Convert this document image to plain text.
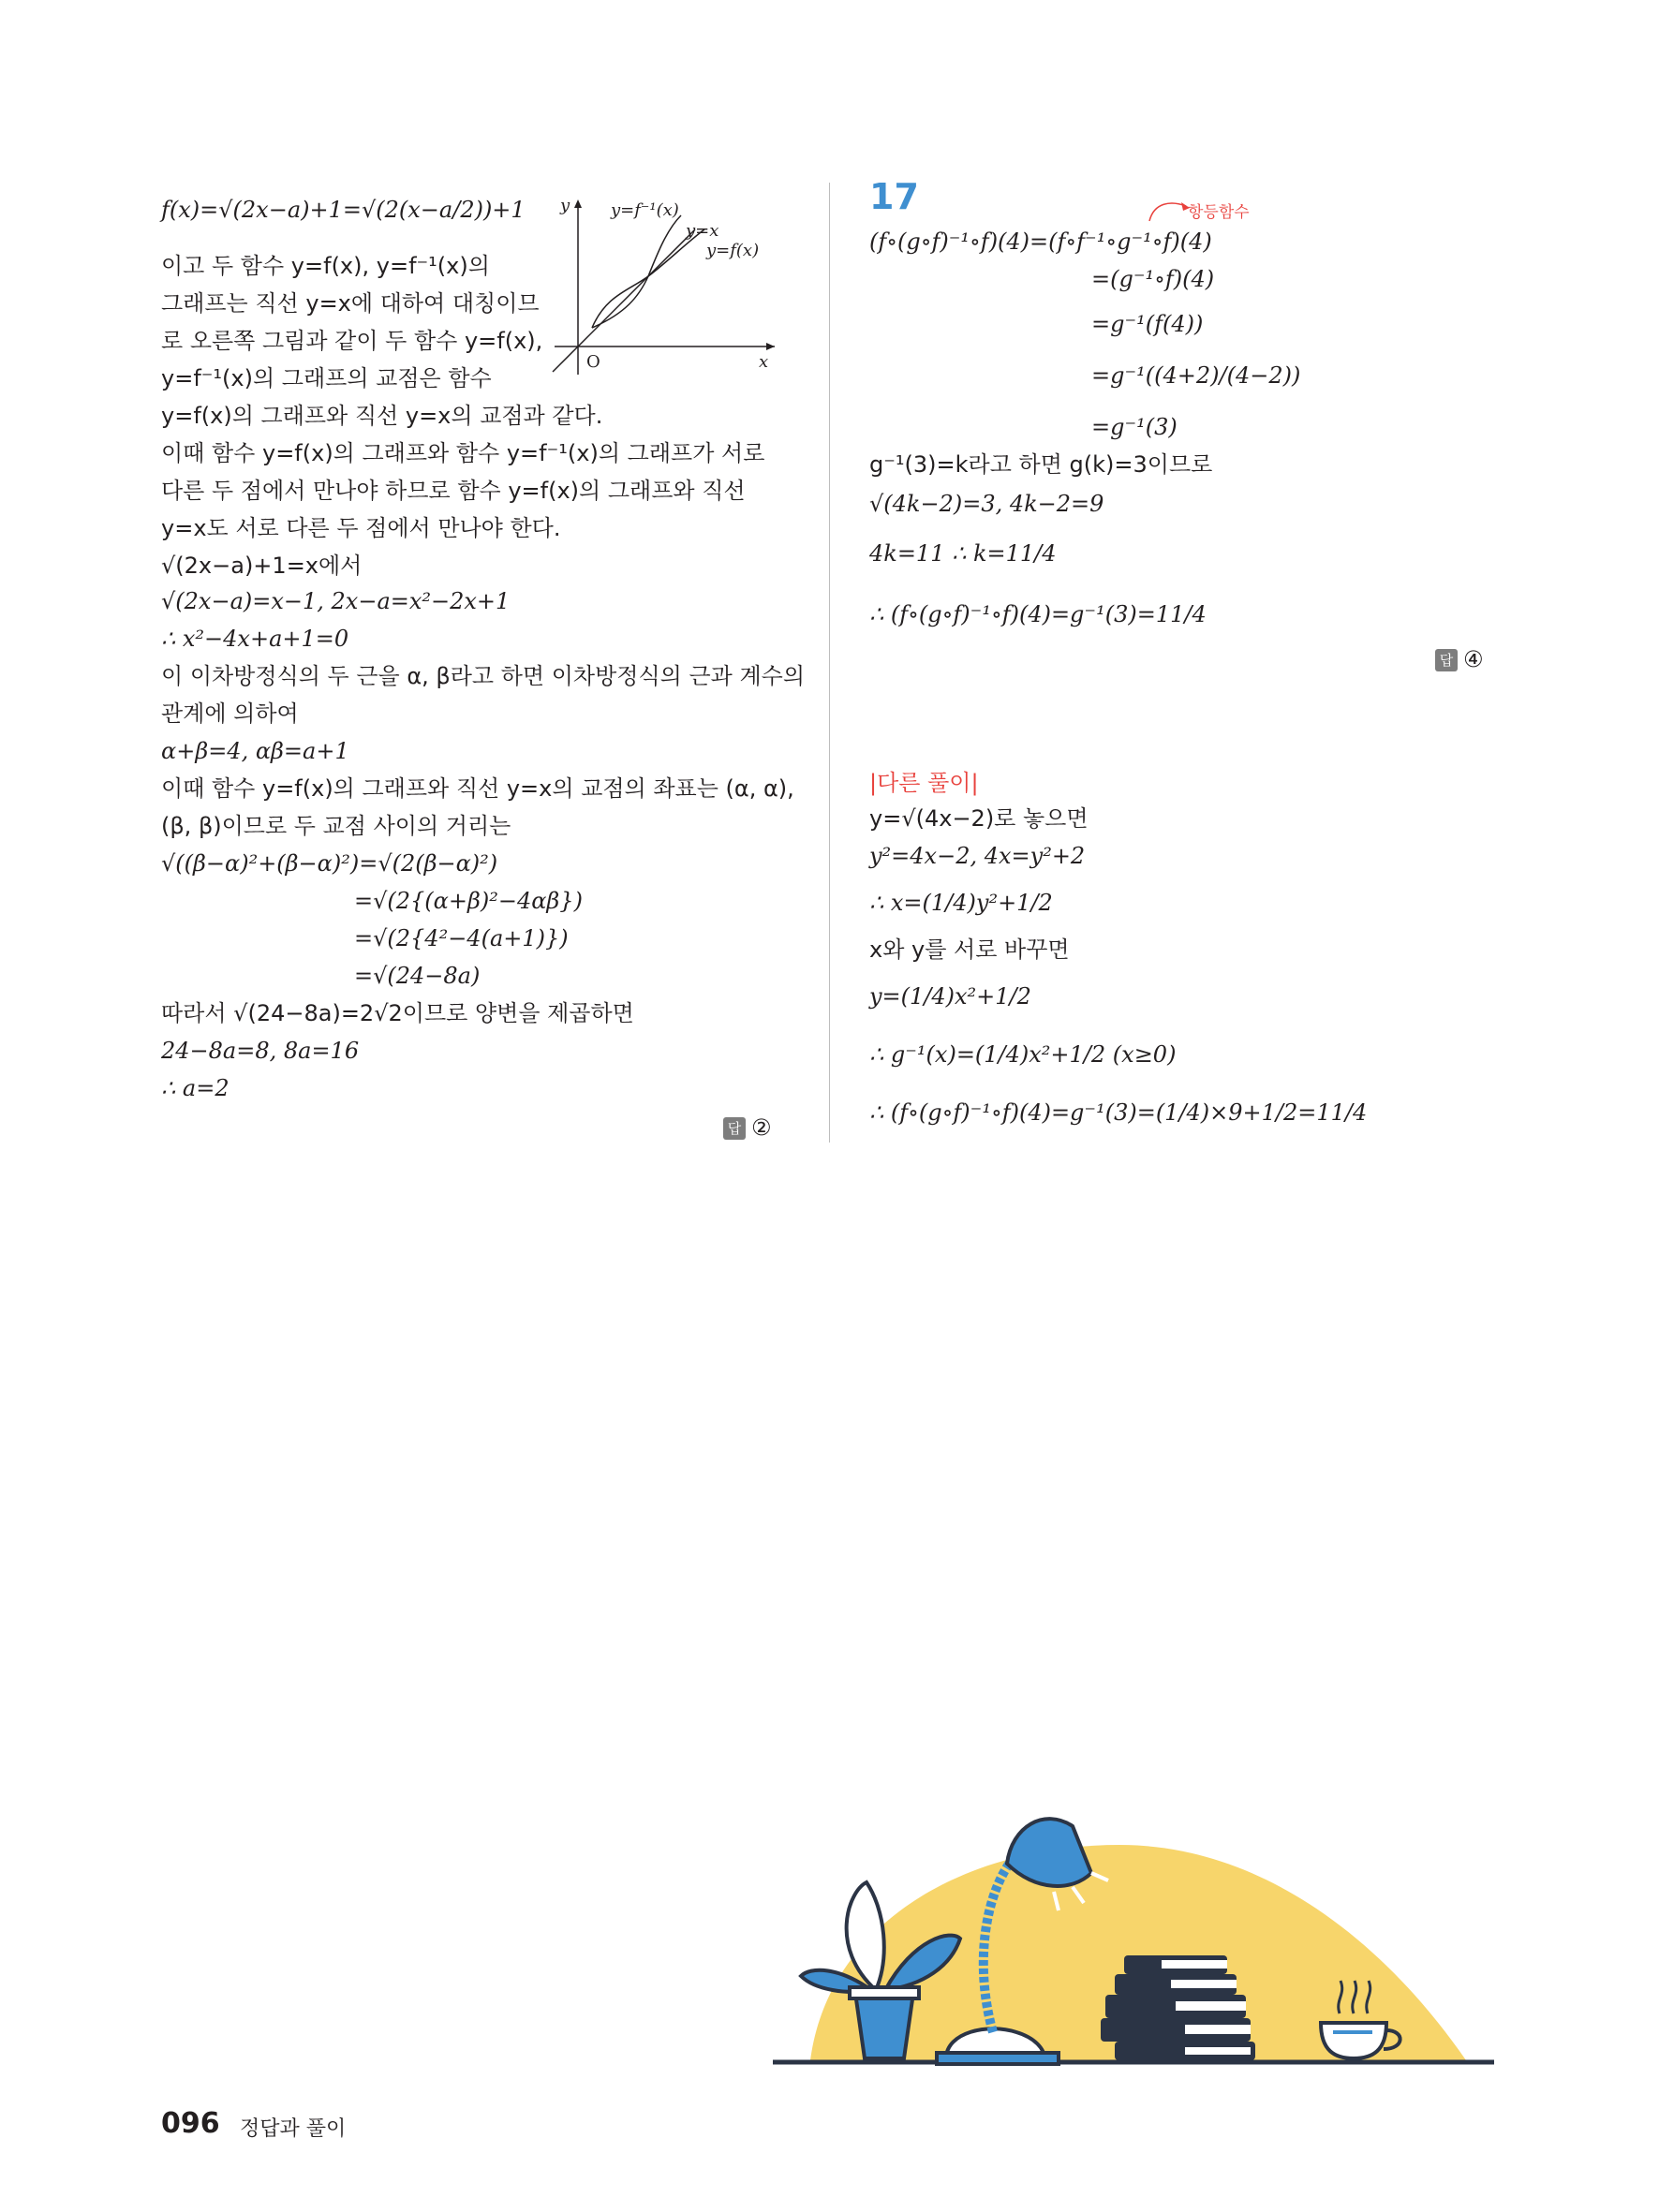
f(x)=√(2x−a)+1=√(2(x−a/2))+1
이고 두 함수 y=f(x), y=f⁻¹(x)의
그래프는 직선 y=x에 대하여 대칭이므
로 오른쪽 그림과 같이 두 함수 y=f(x),
y=f⁻¹(x)의 그래프의 교점은 함수
y=f(x)의 그래프와 직선 y=x의 교점과 같다.
이때 함수 y=f(x)의 그래프와 함수 y=f⁻¹(x)의 그래프가 서로
다른 두 점에서 만나야 하므로 함수 y=f(x)의 그래프와 직선
y=x도 서로 다른 두 점에서 만나야 한다.
√(2x−a)+1=x에서
√(2x−a)=x−1, 2x−a=x²−2x+1
∴ x²−4x+a+1=0
이 이차방정식의 두 근을 α, β라고 하면 이차방정식의 근과 계수의
관계에 의하여
α+β=4, αβ=a+1
이때 함수 y=f(x)의 그래프와 직선 y=x의 교점의 좌표는 (α, α),
(β, β)이므로 두 교점 사이의 거리는
√((β−α)²+(β−α)²)=√(2(β−α)²)
=√(2{(α+β)²−4αβ})
=√(2{4²−4(a+1)})
=√(24−8a)
따라서 √(24−8a)=2√2이므로 양변을 제곱하면
24−8a=8, 8a=16
∴ a=2
답 ②
y=f⁻¹(x)
y=x
y=f(x)
y
x
O
17	항등함수
(f∘(g∘f)⁻¹∘f)(4)=(f∘f⁻¹∘g⁻¹∘f)(4)
=(g⁻¹∘f)(4)
=g⁻¹(f(4))
=g⁻¹((4+2)/(4−2))
=g⁻¹(3)
g⁻¹(3)=k라고 하면 g(k)=3이므로
√(4k−2)=3, 4k−2=9
4k=11 ∴ k=11/4
∴ (f∘(g∘f)⁻¹∘f)(4)=g⁻¹(3)=11/4
답 ④
|다른 풀이|
y=√(4x−2)로 놓으면
y²=4x−2, 4x=y²+2
∴ x=(1/4)y²+1/2
x와 y를 서로 바꾸면
y=(1/4)x²+1/2
∴ g⁻¹(x)=(1/4)x²+1/2 (x≥0)
∴ (f∘(g∘f)⁻¹∘f)(4)=g⁻¹(3)=(1/4)×9+1/2=11/4
096 정답과 풀이
